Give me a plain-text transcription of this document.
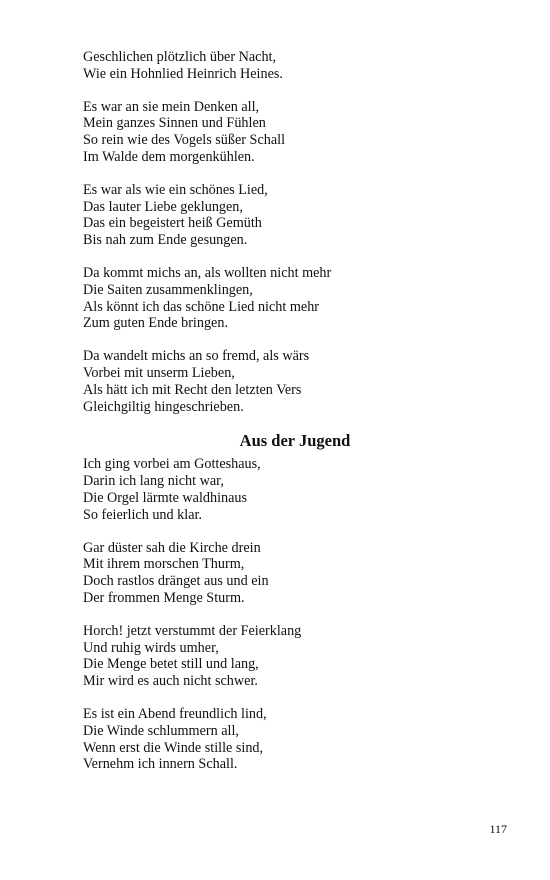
Geschlichen plötzlich über Nacht,
Wie ein Hohnlied Heinrich Heines.
Es war an sie mein Denken all,
Mein ganzes Sinnen und Fühlen
So rein wie des Vogels süßer Schall
Im Walde dem morgenkühlen.
Es war als wie ein schönes Lied,
Das lauter Liebe geklungen,
Das ein begeistert heiß Gemüth
Bis nah zum Ende gesungen.
Da kommt michs an, als wollten nicht mehr
Die Saiten zusammenklingen,
Als könnt ich das schöne Lied nicht mehr
Zum guten Ende bringen.
Da wandelt michs an so fremd, als wärs
Vorbei mit unserm Lieben,
Als hätt ich mit Recht den letzten Vers
Gleichgiltig hingeschrieben.
Aus der Jugend
Ich ging vorbei am Gotteshaus,
Darin ich lang nicht war,
Die Orgel lärmte waldhinaus
So feierlich und klar.
Gar düster sah die Kirche drein
Mit ihrem morschen Thurm,
Doch rastlos dränget aus und ein
Der frommen Menge Sturm.
Horch! jetzt verstummt der Feierklang
Und ruhig wirds umher,
Die Menge betet still und lang,
Mir wird es auch nicht schwer.
Es ist ein Abend freundlich lind,
Die Winde schlummern all,
Wenn erst die Winde stille sind,
Vernehm ich innern Schall.
117
